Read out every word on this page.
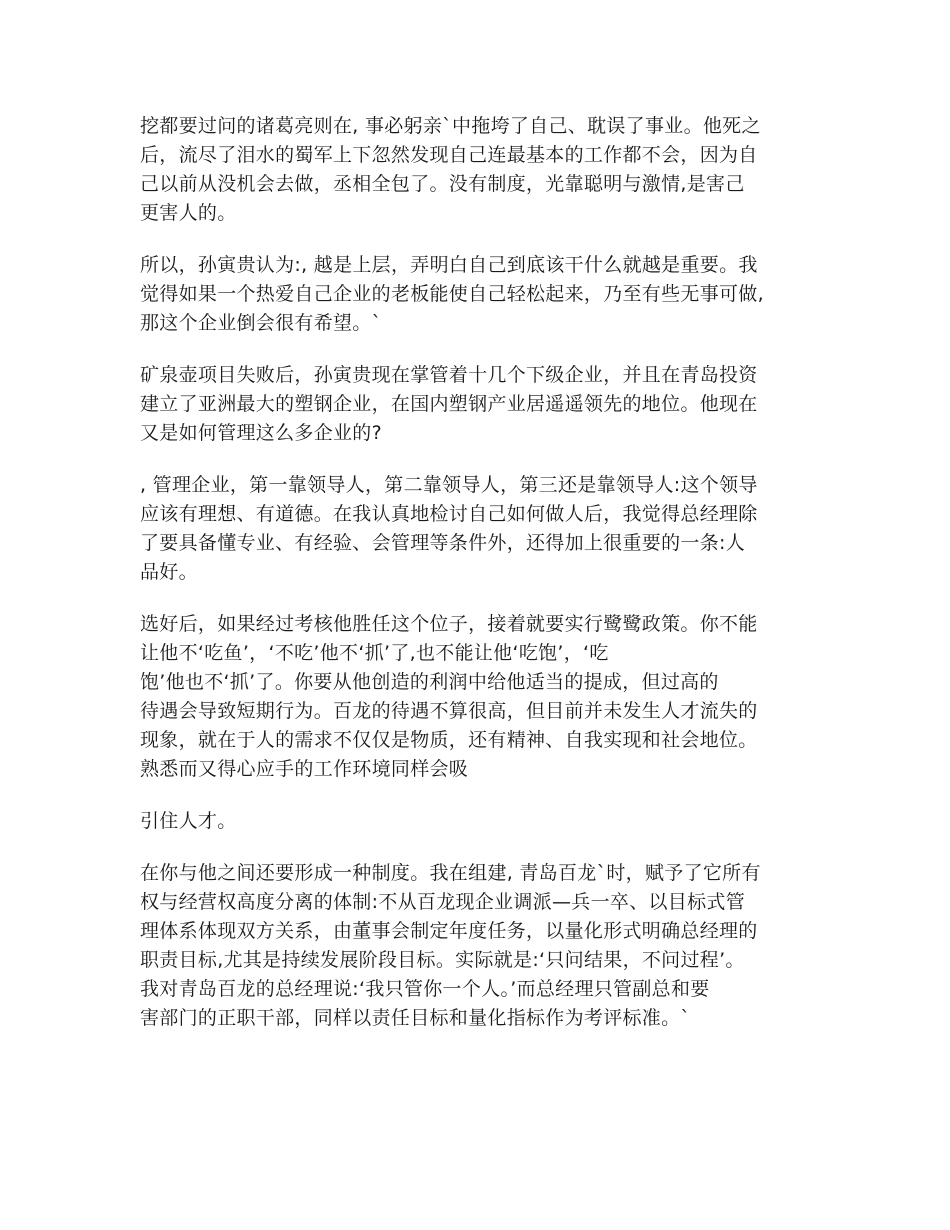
挖都要过问的诸葛亮则在, 事必躬亲`中拖垮了自己、耽误了事业。他死之
后，流尽了泪水的蜀军上下忽然发现自己连最基本的工作都不会，因为自
己以前从没机会去做，丞相全包了。没有制度，光靠聪明与激情,是害己
更害人的。

所以，孙寅贵认为:, 越是上层，弄明白自己到底该干什么就越是重要。我
觉得如果一个热爱自己企业的老板能使自己轻松起来，乃至有些无事可做,
那这个企业倒会很有希望。`

矿泉壶项目失败后，孙寅贵现在掌管着十几个下级企业，并且在青岛投资
建立了亚洲最大的塑钢企业，在国内塑钢产业居遥遥领先的地位。他现在
又是如何管理这么多企业的?

, 管理企业，第一靠领导人，第二靠领导人，第三还是靠领导人:这个领导
应该有理想、有道德。在我认真地检讨自己如何做人后，我觉得总经理除
了要具备懂专业、有经验、会管理等条件外，还得加上很重要的一条:人
品好。

选好后，如果经过考核他胜任这个位子，接着就要实行鹭鹭政策。你不能
让他不‘吃鱼’，‘不吃’他不‘抓’了,也不能让他‘吃饱’，‘吃
饱’他也不‘抓’了。你要从他创造的利润中给他适当的提成，但过高的
待遇会导致短期行为。百龙的待遇不算很高，但目前并未发生人才流失的
现象，就在于人的需求不仅仅是物质，还有精神、自我实现和社会地位。
熟悉而又得心应手的工作环境同样会吸

引住人才。

在你与他之间还要形成一种制度。我在组建, 青岛百龙`时，赋予了它所有
权与经营权高度分离的体制:不从百龙现企业调派—兵一卒、以目标式管
理体系体现双方关系，由董事会制定年度任务，以量化形式明确总经理的
职责目标,尤其是持续发展阶段目标。实际就是:‘只问结果，不问过程’。
我对青岛百龙的总经理说:‘我只管你一个人。’而总经理只管副总和要
害部门的正职干部，同样以责任目标和量化指标作为考评标准。`
